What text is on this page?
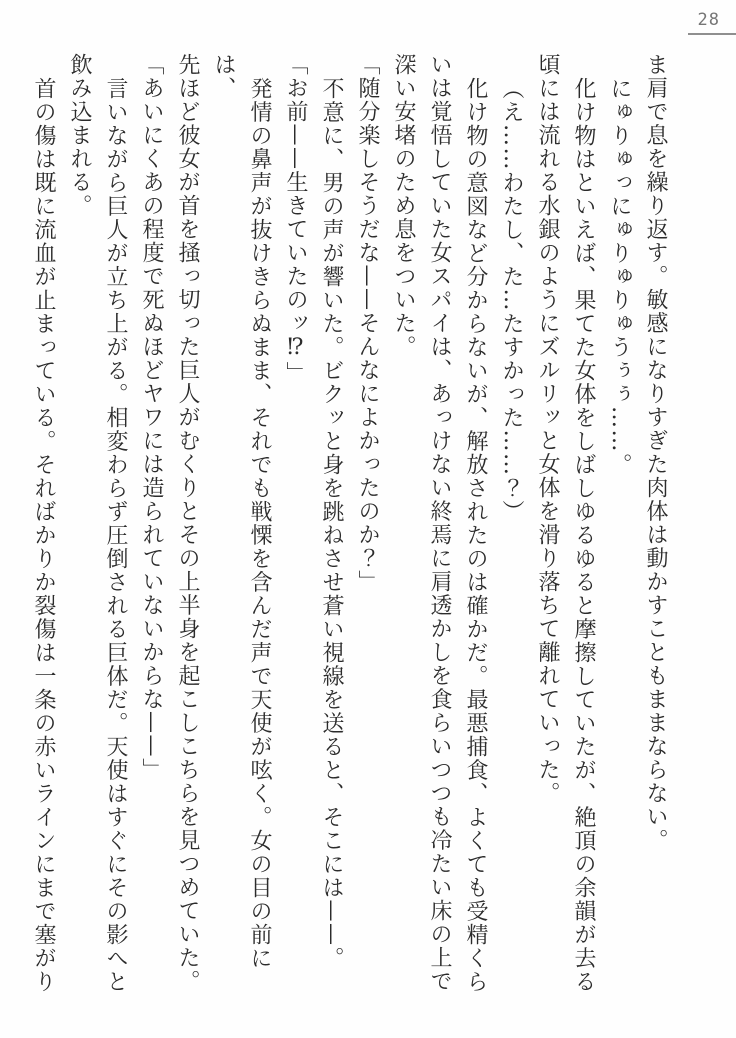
28
ま肩で息を繰り返す。敏感になりすぎた肉体は動かすこともままならない。
にゅりゅっにゅりゅりゅうぅぅ……。
化け物はといえば、果てた女体をしばしゆるゆると摩擦していたが、絶頂の余韻が去る
頃には流れる水銀のようにズルリッと女体を滑り落ちて離れていった。
（え……わたし、た…たすかった……？）
化け物の意図など分からないが、解放されたのは確かだ。最悪捕食、よくても受精くら
いは覚悟していた女スパイは、あっけない終焉に肩透かしを食らいつつも冷たい床の上で
深い安堵のため息をついた。
「随分楽しそうだな——そんなによかったのか？」
不意に、男の声が響いた。ビクッと身を跳ねさせ蒼い視線を送ると、そこには——。
「お前——生きていたのッ⁉」
発情の鼻声が抜けきらぬまま、それでも戦慄を含んだ声で天使が呟く。女の目の前には、
先ほど彼女が首を掻っ切った巨人がむくりとその上半身を起こしこちらを見つめていた。
「あいにくあの程度で死ぬほどヤワには造られていないからな——」
言いながら巨人が立ち上がる。相変わらず圧倒される巨体だ。天使はすぐにその影へと
飲み込まれる。
首の傷は既に流血が止まっている。そればかりか裂傷は一条の赤いラインにまで塞がり
